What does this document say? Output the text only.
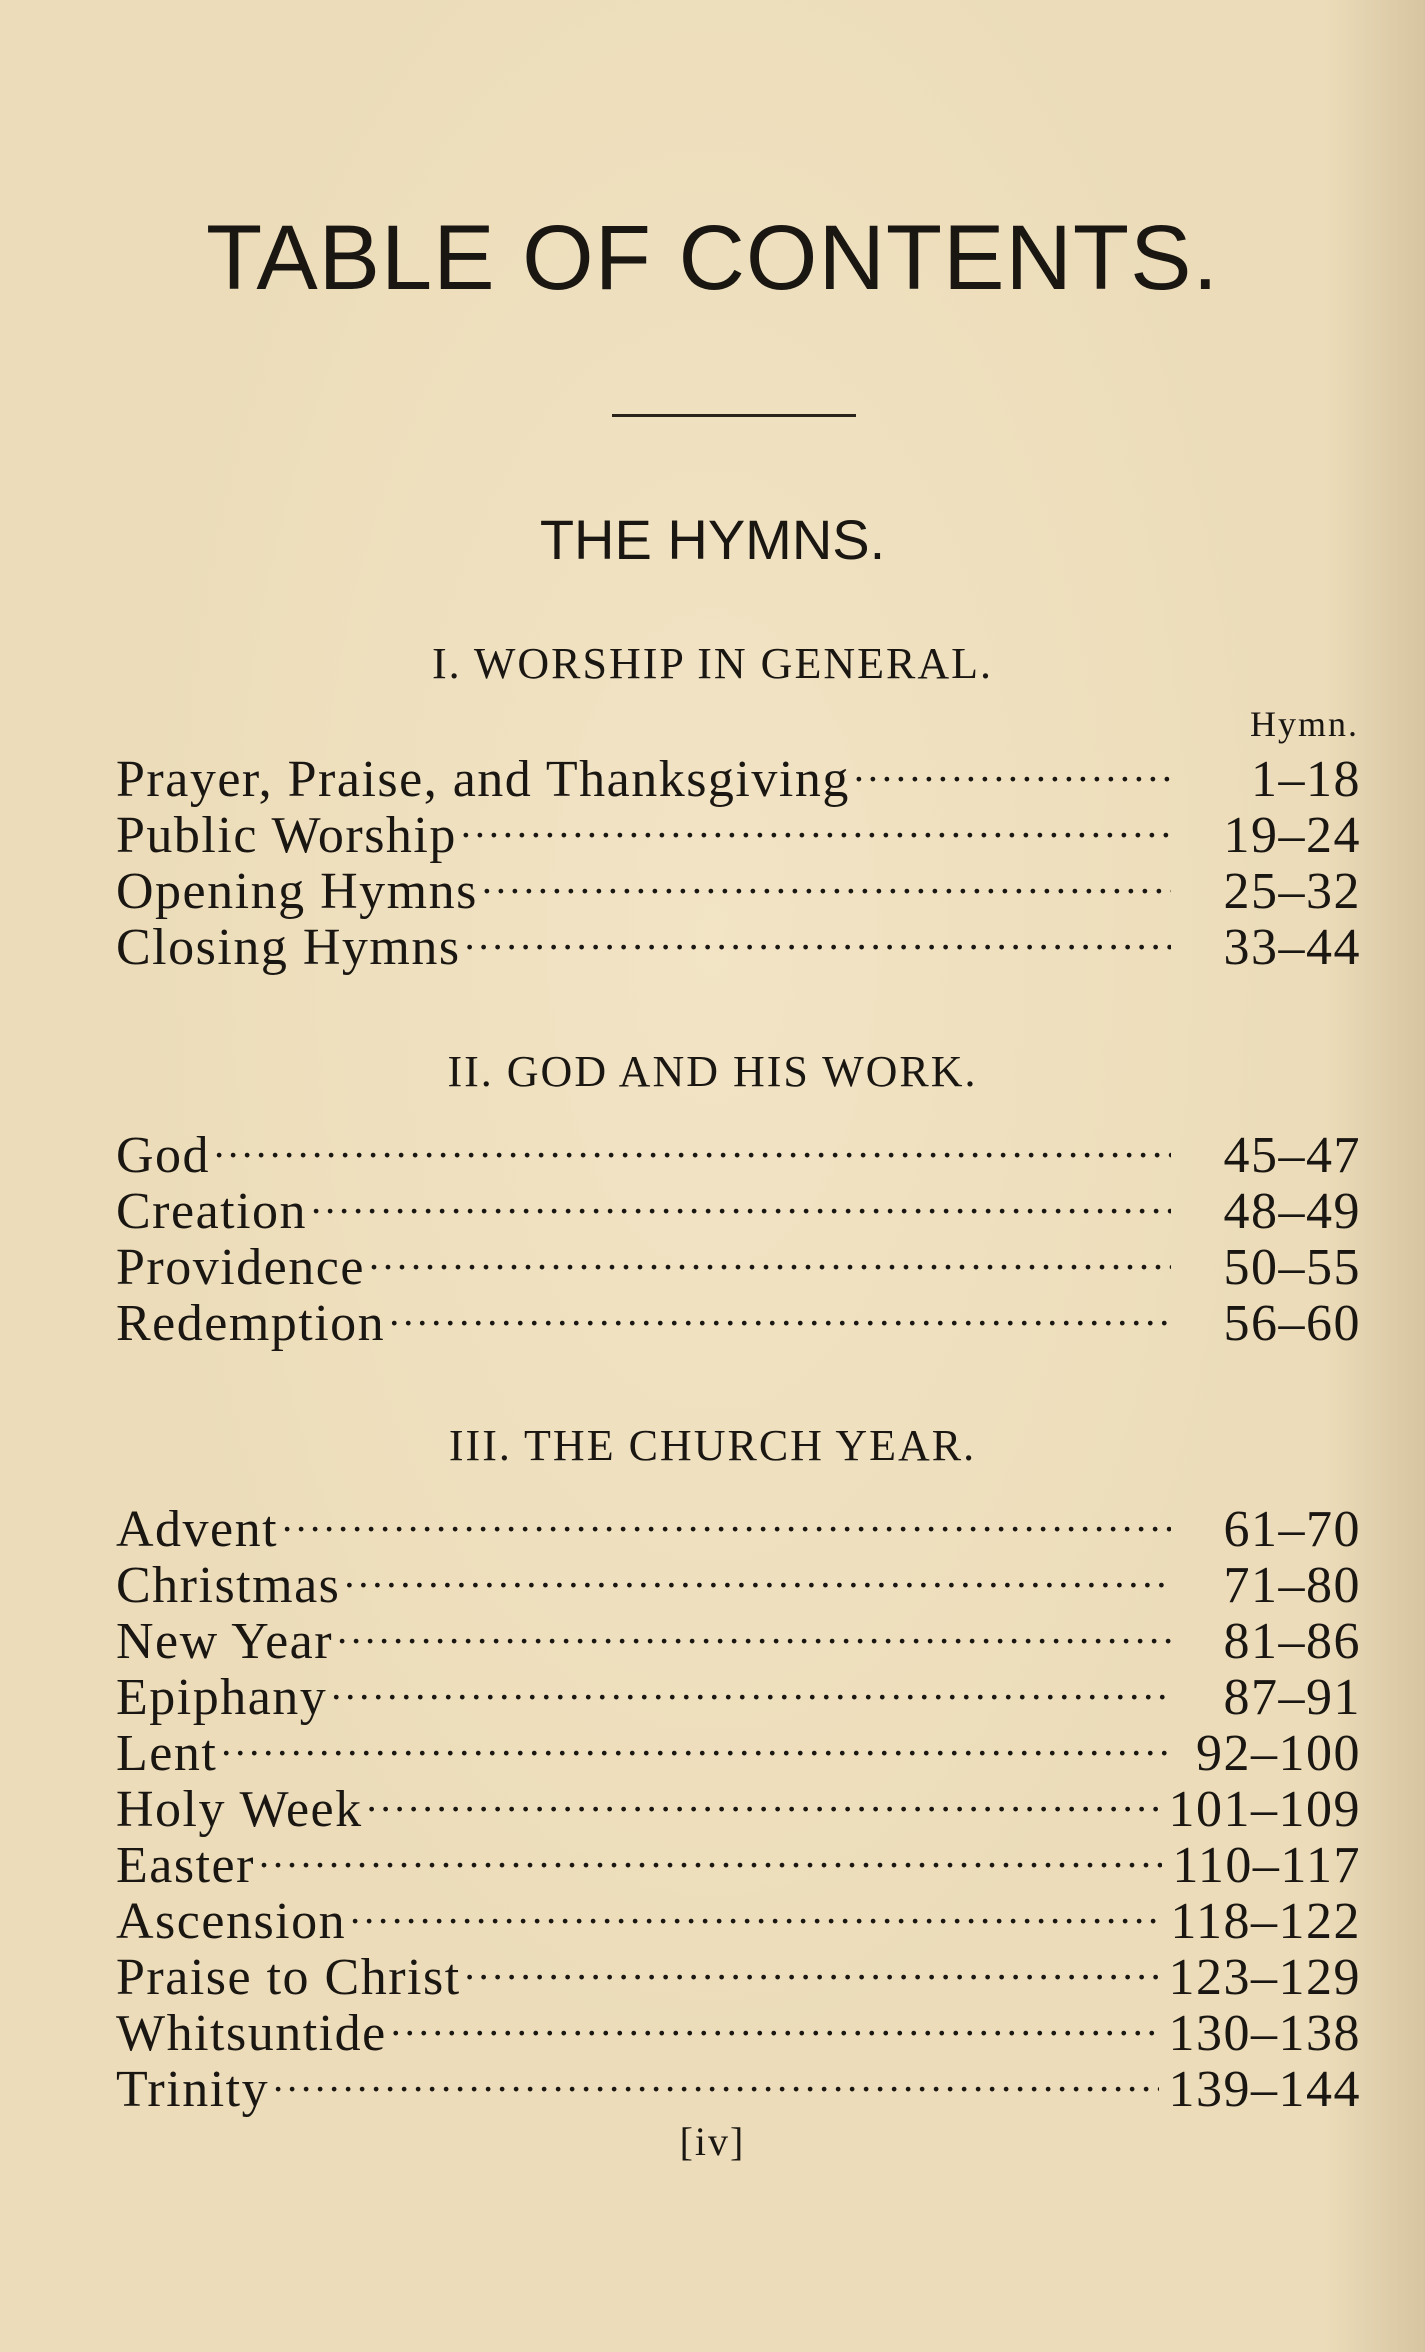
TABLE OF CONTENTS.
THE HYMNS.
I. WORSHIP IN GENERAL.
Hymn.
Prayer, Praise, and Thanksgiving .....	1–18
Public Worship .....	19–24
Opening Hymns .....	25–32
Closing Hymns .....	33–44
II. GOD AND HIS WORK.
God .....	45–47
Creation .....	48–49
Providence .....	50–55
Redemption .....	56–60
III. THE CHURCH YEAR.
Advent .....	61–70
Christmas .....	71–80
New Year .....	81–86
Epiphany .....	87–91
Lent .....	92–100
Holy Week .....	101–109
Easter .....	110–117
Ascension .....	118–122
Praise to Christ .....	123–129
Whitsuntide .....	130–138
Trinity .....	139–144
[iv]
